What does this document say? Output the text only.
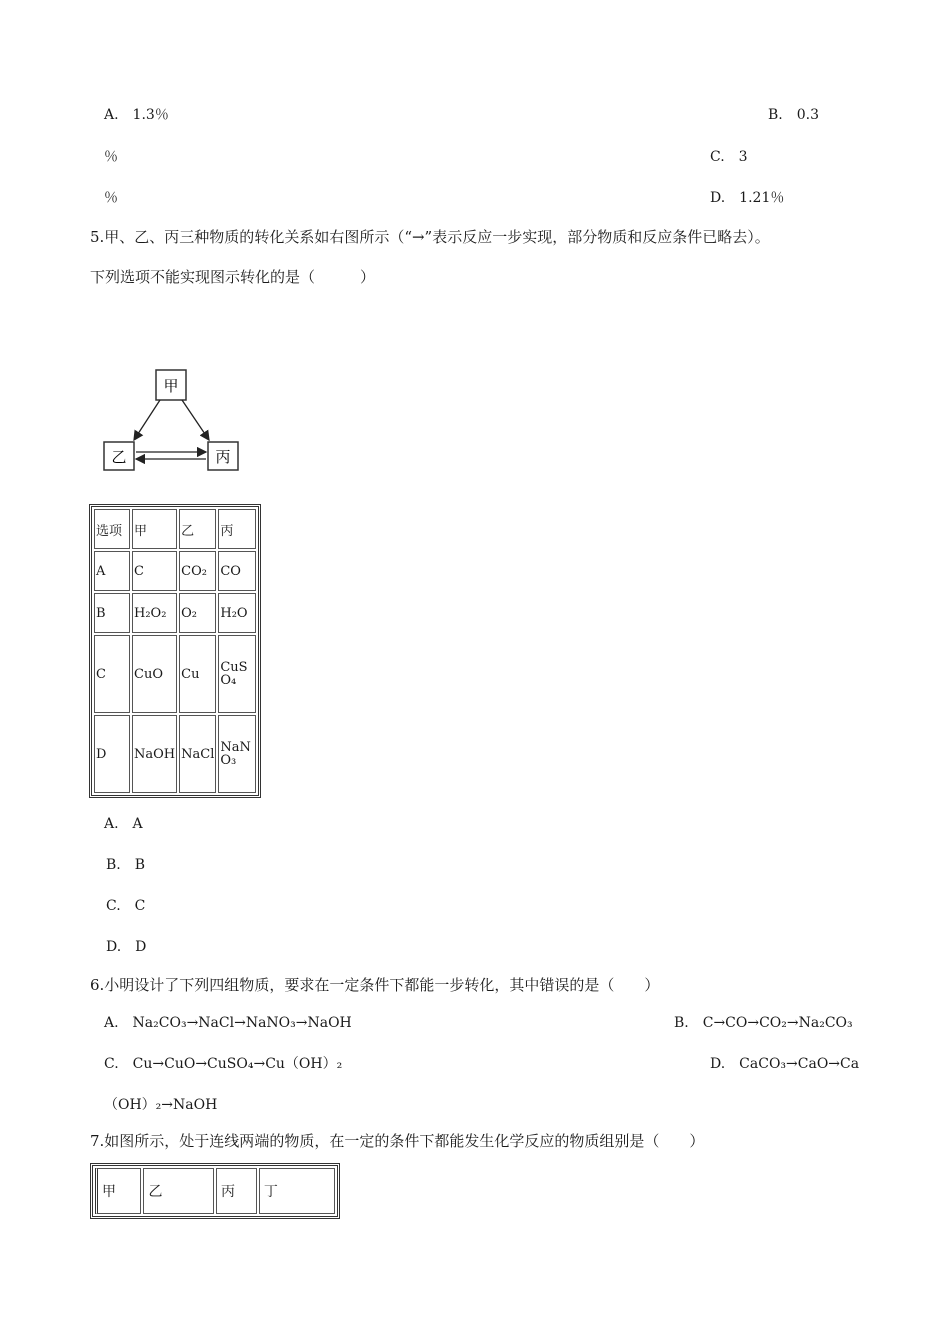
A.　1.3％	B.　0.3
％	C.　3
％	D.　1.21％
5.甲、乙、丙三种物质的转化关系如右图所示（“→”表示反应一步实现，部分物质和反应条件已略去）。
下列选项不能实现图示转化的是（　　　）
甲
乙	丙
选项	甲	乙	丙
A	C	CO₂	CO
B	H₂O₂	O₂	H₂O
C	CuO	Cu	CuSO₄
D	NaOH	NaCl	NaNO₃
A.　A
B.　B
C.　C
D.　D
6.小明设计了下列四组物质，要求在一定条件下都能一步转化，其中错误的是（　　）
A.　Na₂CO₃→NaCl→NaNO₃→NaOH	B.　C→CO→CO₂→Na₂CO₃
C.　Cu→CuO→CuSO₄→Cu（OH）₂	D.　CaCO₃→CaO→Ca
（OH）₂→NaOH
7.如图所示，处于连线两端的物质，在一定的条件下都能发生化学反应的物质组别是（　　）
甲	乙	丙	丁
